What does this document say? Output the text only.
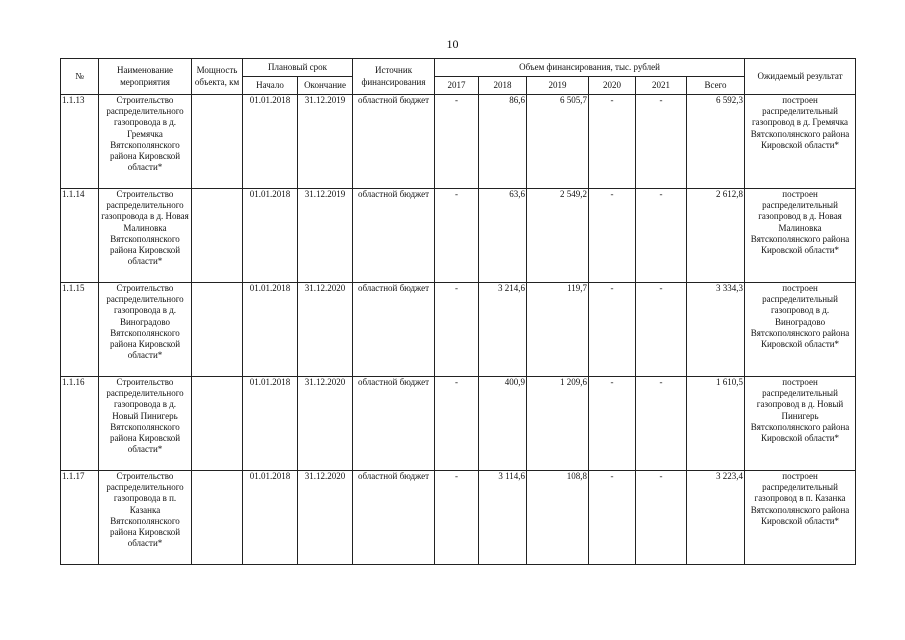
10
№	Наименование мероприятия	Мощность объекта, км	Плановый срок		Источник финансирования	Объем финансирования, тыс. рублей						Ожидаемый результат
			Начало	Окончание		2017	2018	2019	2020	2021	Всего	
1.1.13	Строительство распределительного газопровода в д. Гремячка Вятскополянского района Кировской области*		01.01.2018	31.12.2019	областной бюджет	-	86,6	6 505,7	-	-	6 592,3	построен распределительный газопровод в д. Гремячка Вятскополянского района Кировской области*
1.1.14	Строительство распределительного газопровода в д. Новая Малиновка Вятскополянского района Кировской области*		01.01.2018	31.12.2019	областной бюджет	-	63,6	2 549,2	-	-	2 612,8	построен распределительный газопровод в д. Новая Малиновка Вятскополянского района Кировской области*
1.1.15	Строительство распределительного газопровода в д. Виноградово Вятскополянского района Кировской области*		01.01.2018	31.12.2020	областной бюджет	-	3 214,6	119,7	-	-	3 334,3	построен распределительный газопровод в д. Виноградово Вятскополянского района Кировской области*
1.1.16	Строительство распределительного газопровода в д. Новый Пинигерь Вятскополянского района Кировской области*		01.01.2018	31.12.2020	областной бюджет	-	400,9	1 209,6	-	-	1 610,5	построен распределительный газопровод в д. Новый Пинигерь Вятскополянского района Кировской области*
1.1.17	Строительство распределительного газопровода в п. Казанка Вятскополянского района Кировской области*		01.01.2018	31.12.2020	областной бюджет	-	3 114,6	108,8	-	-	3 223,4	построен распределительный газопровод в п. Казанка Вятскополянского района Кировской области*
